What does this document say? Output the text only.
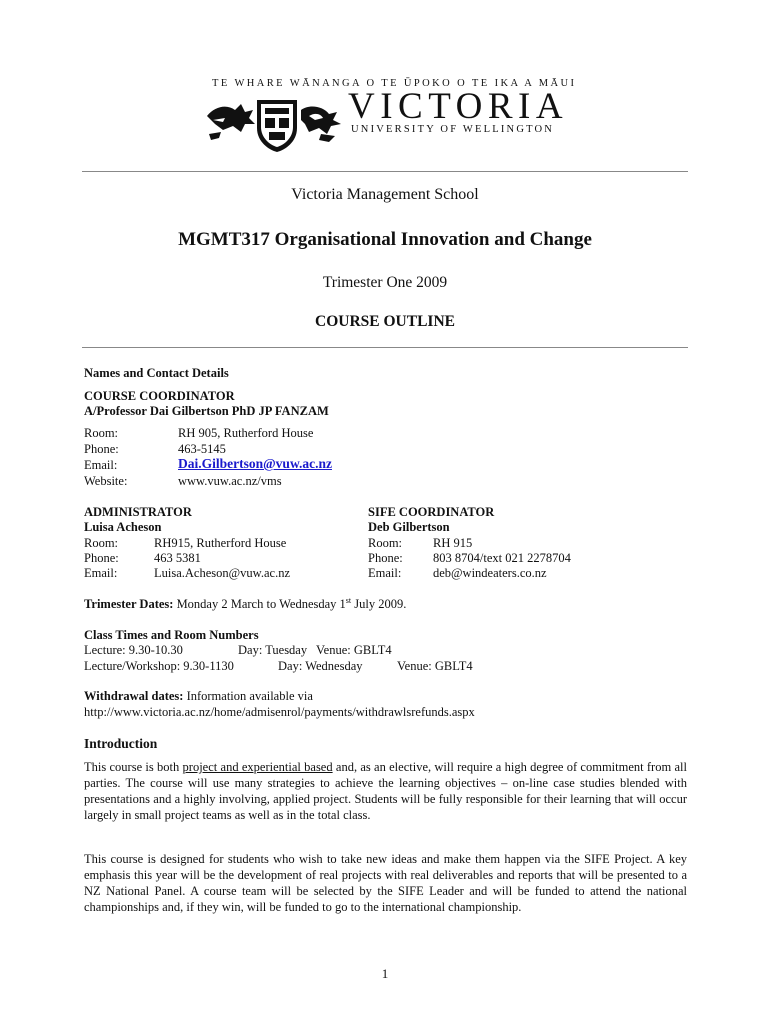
TE WHARE WĀNANGA O TE ŪPOKO O TE IKA A MĀUI
VICTORIA
UNIVERSITY OF WELLINGTON
Victoria Management School
MGMT317 Organisational Innovation and Change
Trimester One 2009
COURSE OUTLINE
Names and Contact Details
COURSE COORDINATOR
A/Professor Dai Gilbertson PhD JP FANZAM
Room:	RH 905, Rutherford House
Phone:	463-5145
Email:	Dai.Gilbertson@vuw.ac.nz
Website:	www.vuw.ac.nz/vms
ADMINISTRATOR
Luisa Acheson
Room:	RH915, Rutherford House
Phone:	463 5381
Email:	Luisa.Acheson@vuw.ac.nz
SIFE COORDINATOR
Deb Gilbertson
Room: RH 915
Phone: 803 8704/text 021 2278704
Email:	deb@windeaters.co.nz
Trimester Dates: Monday 2 March to Wednesday 1st July 2009.
Class Times and Room Numbers
Lecture: 9.30-10.30	Day: Tuesday Venue: GBLT4
Lecture/Workshop: 9.30-1130	Day: Wednesday	Venue: GBLT4
Withdrawal dates: Information available via
http://www.victoria.ac.nz/home/admisenrol/payments/withdrawlsrefunds.aspx
Introduction
This course is both project and experiential based and, as an elective, will require a high degree of commitment from all parties. The course will use many strategies to achieve the learning objectives – on-line case studies blended with presentations and a highly involving, applied project. Students will be fully responsible for their learning that will occur largely in small project teams as well as in the total class.
This course is designed for students who wish to take new ideas and make them happen via the SIFE Project. A key emphasis this year will be the development of real projects with real deliverables and reports that will be presented to a NZ National Panel. A course team will be selected by the SIFE Leader and will be funded to attend the national championships and, if they win, will be funded to go to the international championship.
1
